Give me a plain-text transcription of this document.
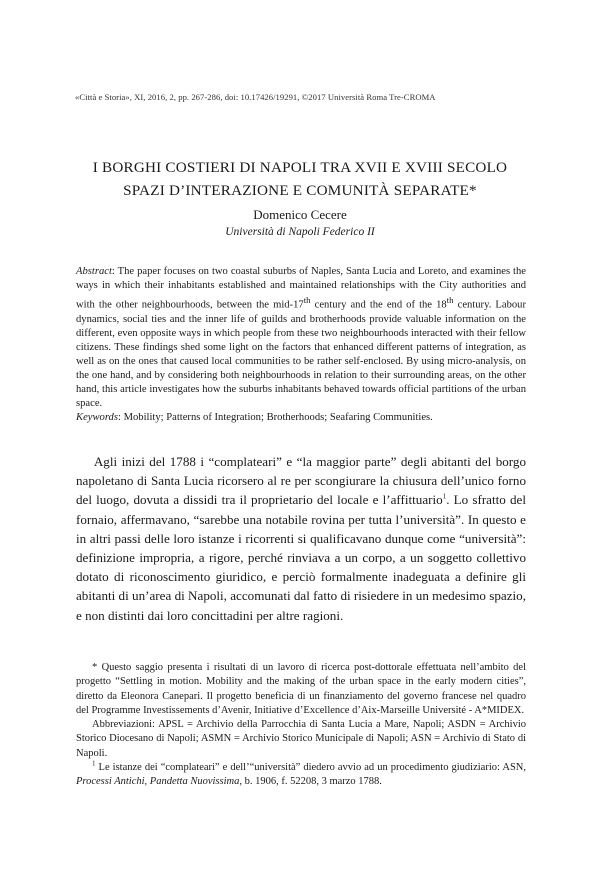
«Città e Storia», XI, 2016, 2, pp. 267-286, doi: 10.17426/19291, ©2017 Università Roma Tre-CROMA
I BORGHI COSTIERI DI NAPOLI TRA XVII E XVIII SECOLO
SPAZI D’INTERAZIONE E COMUNITÀ SEPARATE*
Domenico Cecere
Università di Napoli Federico II

Abstract: The paper focuses on two coastal suburbs of Naples, Santa Lucia and Loreto, and examines the ways in which their inhabitants established and maintained relationships with the City authorities and with the other neighbourhoods, between the mid-17th century and the end of the 18th century. Labour dynamics, social ties and the inner life of guilds and brotherhoods provide valuable information on the different, even opposite ways in which people from these two neighbourhoods interacted with their fellow citizens. These findings shed some light on the factors that enhanced different patterns of integration, as well as on the ones that caused local communities to be rather self-enclosed. By using micro-analysis, on the one hand, and by considering both neighbourhoods in relation to their surrounding areas, on the other hand, this article investigates how the suburbs inhabitants behaved towards official partitions of the urban space.

Keywords: Mobility; Patterns of Integration; Brotherhoods; Seafaring Communities.

Agli inizi del 1788 i “complateari” e “la maggior parte” degli abitanti del borgo napoletano di Santa Lucia ricorsero al re per scongiurare la chiusura dell’unico forno del luogo, dovuta a dissidi tra il proprietario del locale e l’affittuario$^1$. Lo sfratto del fornaio, affermavano, “sarebbe una notabile rovina per tutta l’università”. In questo e in altri passi delle loro istanze i ricorrenti si qualificavano dunque come “università”: definizione impropria, a rigore, perché rinviava a un corpo, a un soggetto collettivo dotato di riconoscimento giuridico, e perciò formalmente inadeguata a definire gli abitanti di un’area di Napoli, accomunati dal fatto di risiedere in un medesimo spazio, e non distinti dai loro concittadini per altre ragioni.

* Questo saggio presenta i risultati di un lavoro di ricerca post-dottorale effettuata nell’ambito del progetto “Settling in motion. Mobility and the making of the urban space in the early modern cities”, diretto da Eleonora Canepari. Il progetto beneficia di un finanziamento del governo francese nel quadro del Programme Investissements d’Avenir, Initiative d’Excellence d’Aix-Marseille Université - A*MIDEX.

Abbreviazioni: APSL = Archivio della Parrocchia di Santa Lucia a Mare, Napoli; ASDN = Archivio Storico Diocesano di Napoli; ASMN = Archivio Storico Municipale di Napoli; ASN = Archivio di Stato di Napoli.

$^1$ Le istanze dei “complateari” e dell’“università” diedero avvio ad un procedimento giudiziario: ASN, Processi Antichi, Pandetta Nuovissima, b. 1906, f. 52208, 3 marzo 1788.
